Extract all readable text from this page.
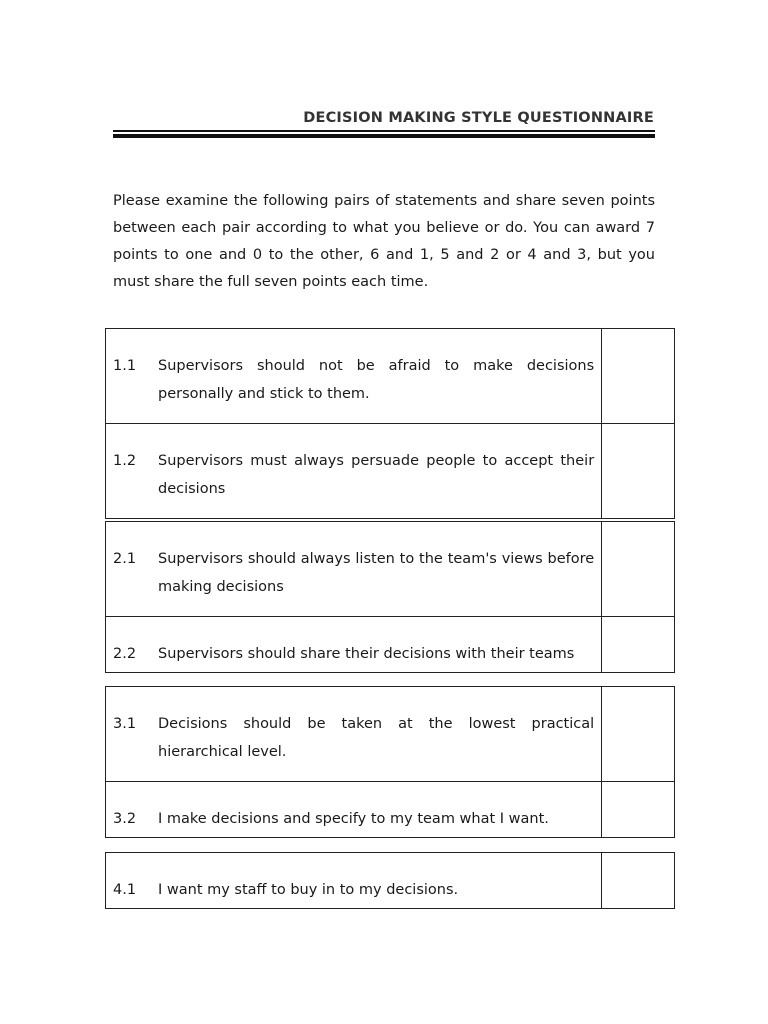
DECISION MAKING STYLE QUESTIONNAIRE

Please examine the following pairs of statements and share seven points between each pair according to what you believe or do. You can award 7 points to one and 0 to the other, 6 and 1, 5 and 2 or 4 and 3, but you must share the full seven points each time.

1.1 Supervisors should not be afraid to make decisions personally and stick to them.	

1.2 Supervisors must always persuade people to accept their decisions	

2.1 Supervisors should always listen to the team's views before making decisions	

2.2 Supervisors should share their decisions with their teams	

3.1 Decisions should be taken at the lowest practical hierarchical level.	

3.2 I make decisions and specify to my team what I want.	

4.1	I want my staff to buy in to my decisions.
